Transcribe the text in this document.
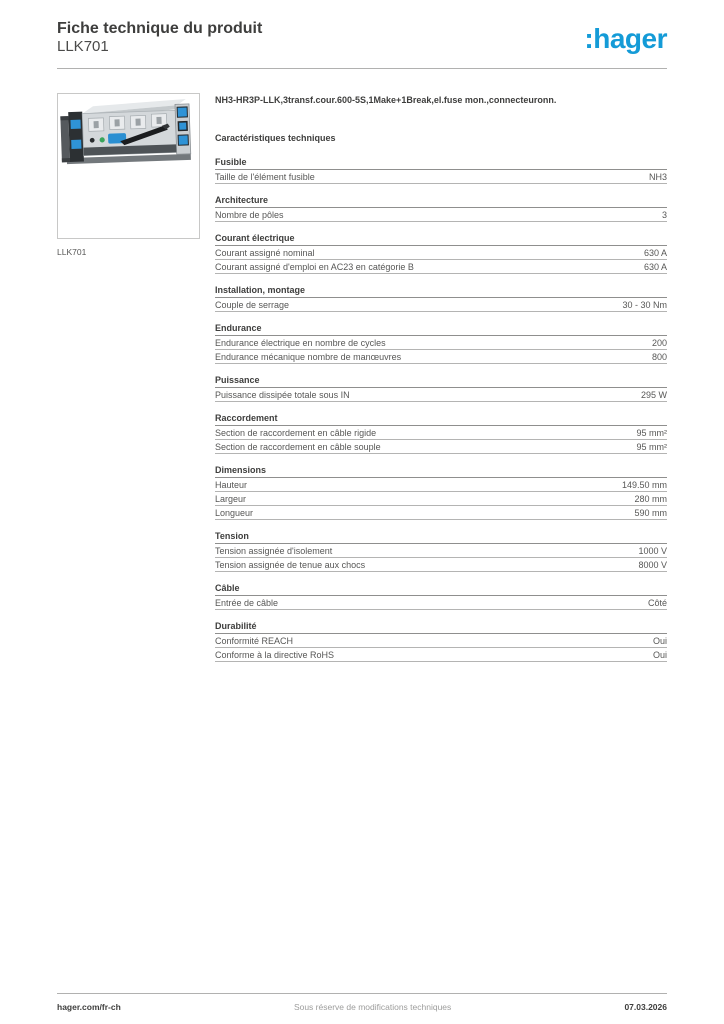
Fiche technique du produit
LLK701	:hager
LLK701
NH3-HR3P-LLK,3transf.cour.600-5S,1Make+1Break,el.fuse mon.,connecteuronn.
Caractéristiques techniques
Fusible
Taille de l'élément fusible	NH3
Architecture
Nombre de pôles	3
Courant électrique
Courant assigné nominal	630 A
Courant assigné d'emploi en AC23 en catégorie B	630 A
Installation, montage
Couple de serrage	30 - 30 Nm
Endurance
Endurance électrique en nombre de cycles	200
Endurance mécanique nombre de manœuvres	800
Puissance
Puissance dissipée totale sous IN	295 W
Raccordement
Section de raccordement en câble rigide	95 mm²
Section de raccordement en câble souple	95 mm²
Dimensions
Hauteur	149.50 mm
Largeur	280 mm
Longueur	590 mm
Tension
Tension assignée d'isolement	1000 V
Tension assignée de tenue aux chocs	8000 V
Câble
Entrée de câble	Côté
Durabilité
Conformité REACH	Oui
Conforme à la directive RoHS	Oui
hager.com/fr-ch	Sous réserve de modifications techniques	07.03.2026
